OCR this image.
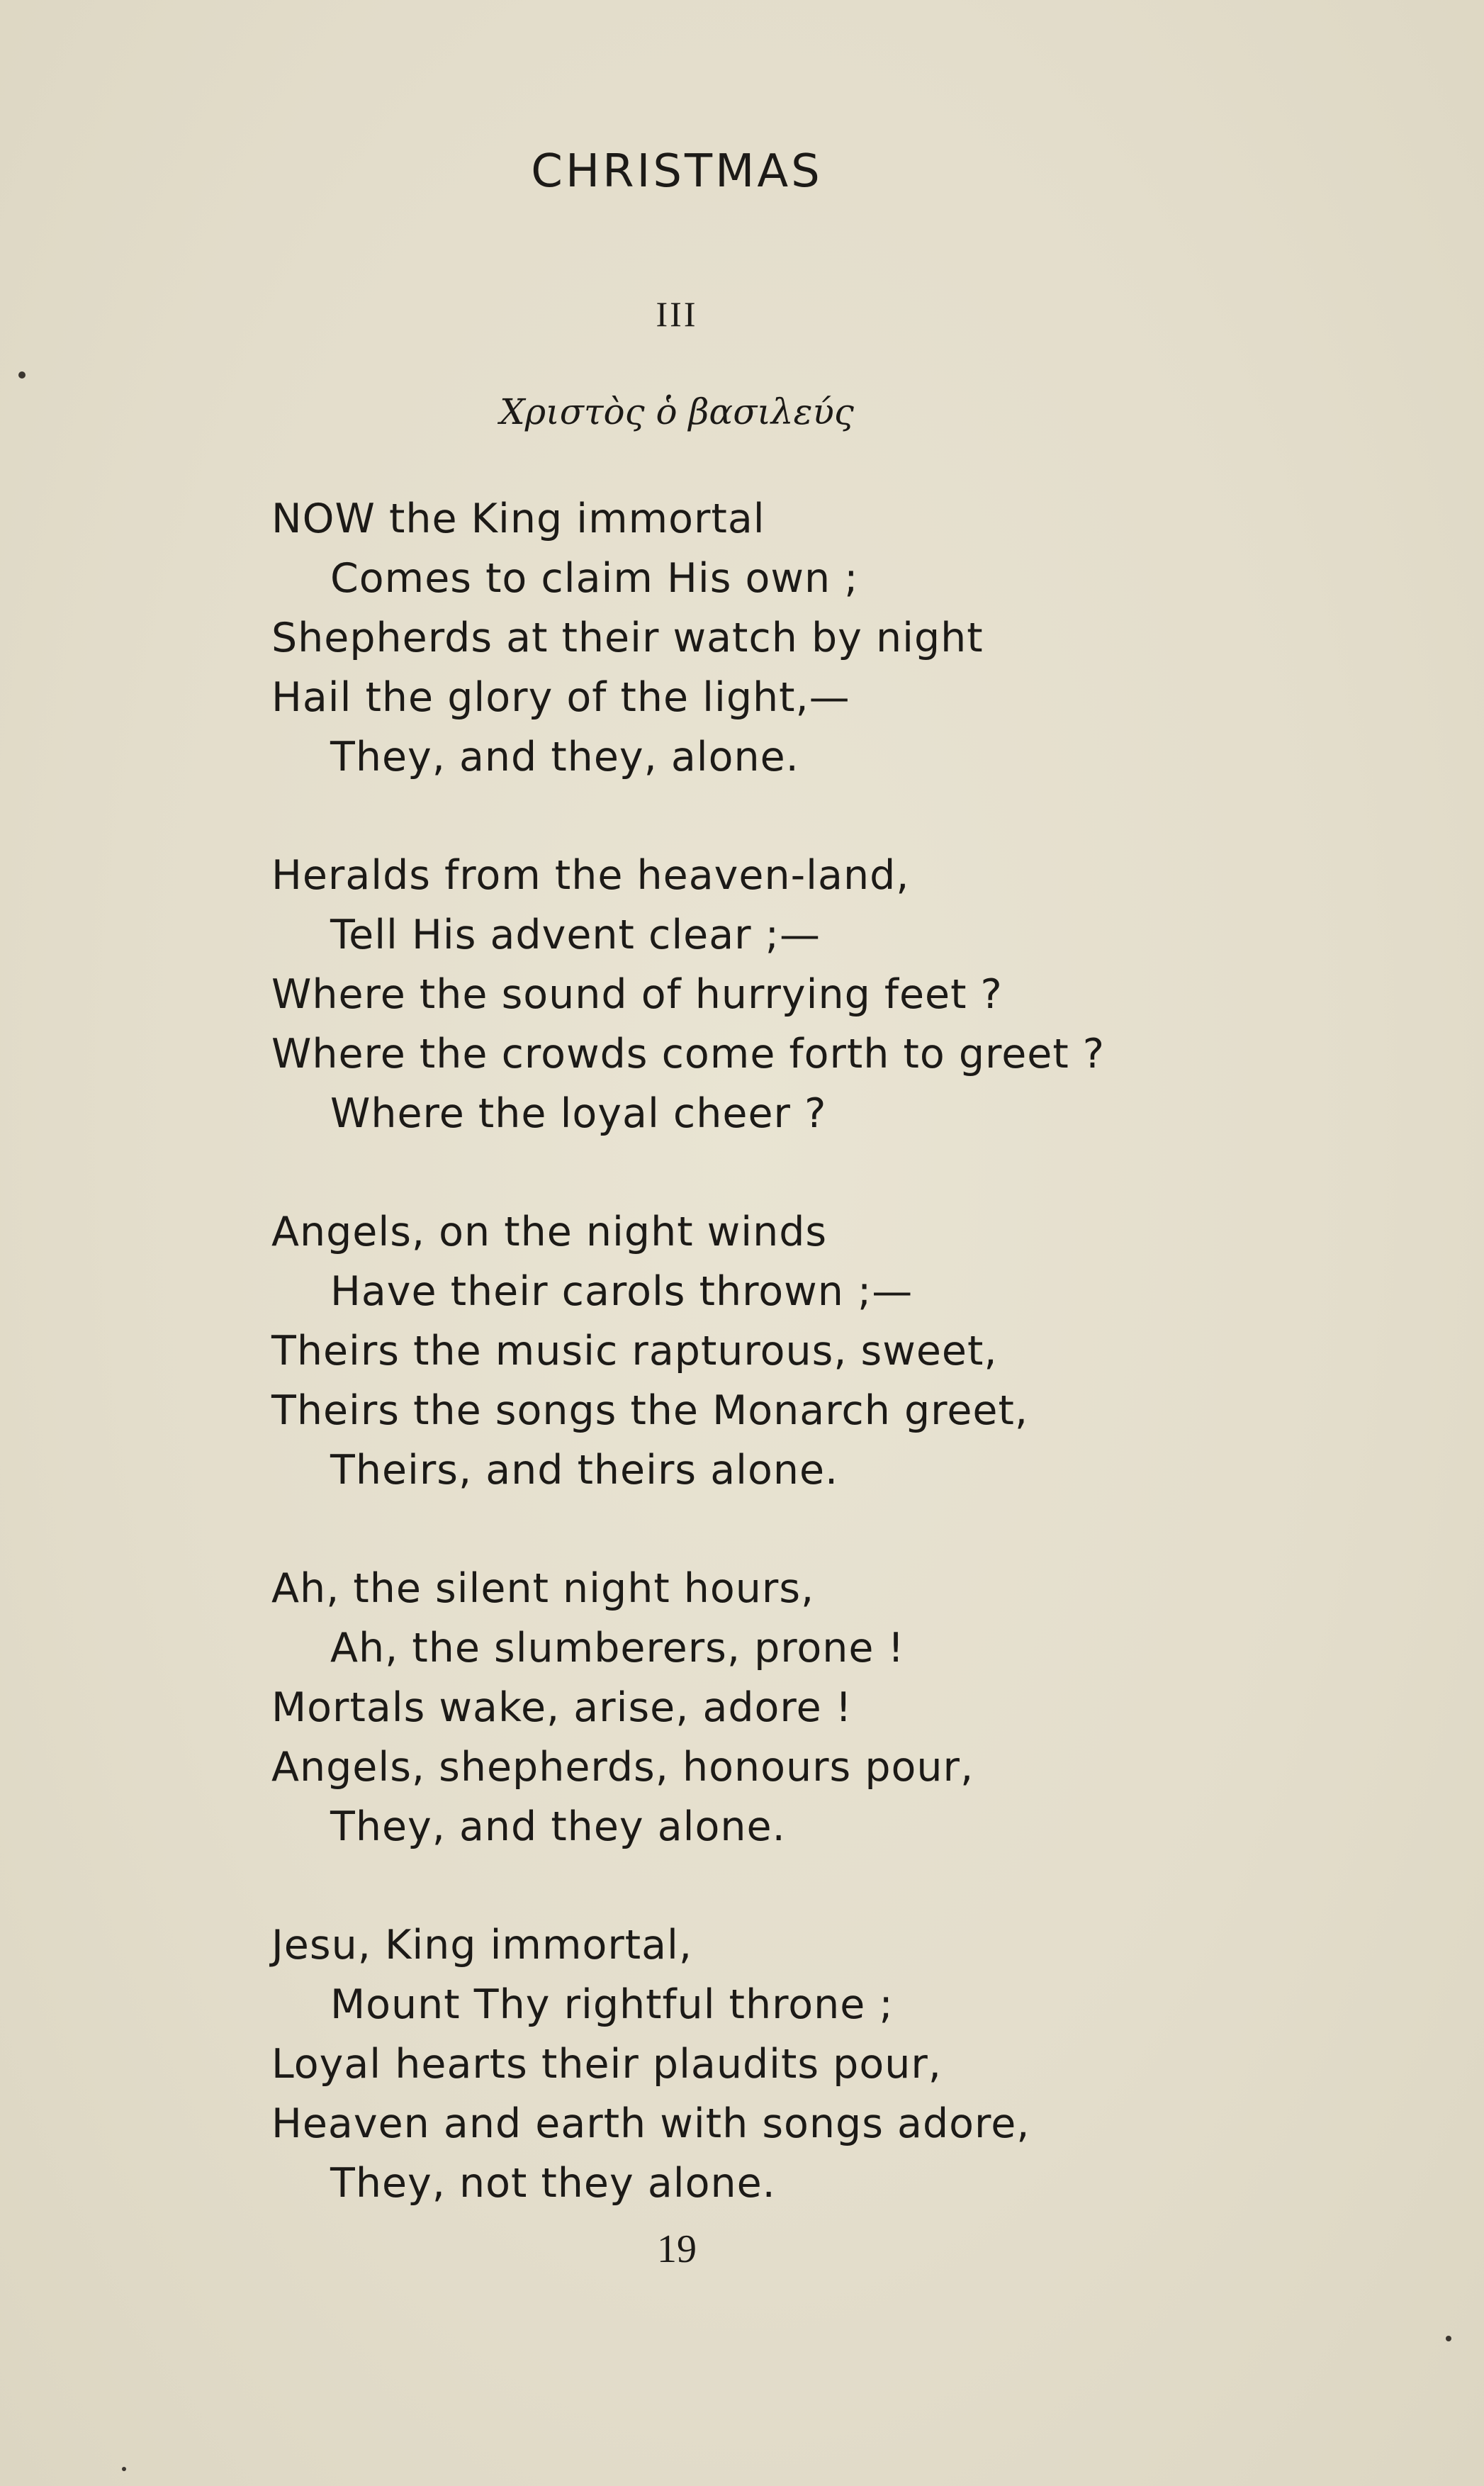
CHRISTMAS
III
Χριστὸς ὁ βασιλεύς
NOW the King immortal
Comes to claim His own ;
Shepherds at their watch by night
Hail the glory of the light,—
They, and they, alone.
Heralds from the heaven-land,
Tell His advent clear ;—
Where the sound of hurrying feet ?
Where the crowds come forth to greet ?
Where the loyal cheer ?
Angels, on the night winds
Have their carols thrown ;—
Theirs the music rapturous, sweet,
Theirs the songs the Monarch greet,
Theirs, and theirs alone.
Ah, the silent night hours,
Ah, the slumberers, prone !
Mortals wake, arise, adore !
Angels, shepherds, honours pour,
They, and they alone.
Jesu, King immortal,
Mount Thy rightful throne ;
Loyal hearts their plaudits pour,
Heaven and earth with songs adore,
They, not they alone.
19
